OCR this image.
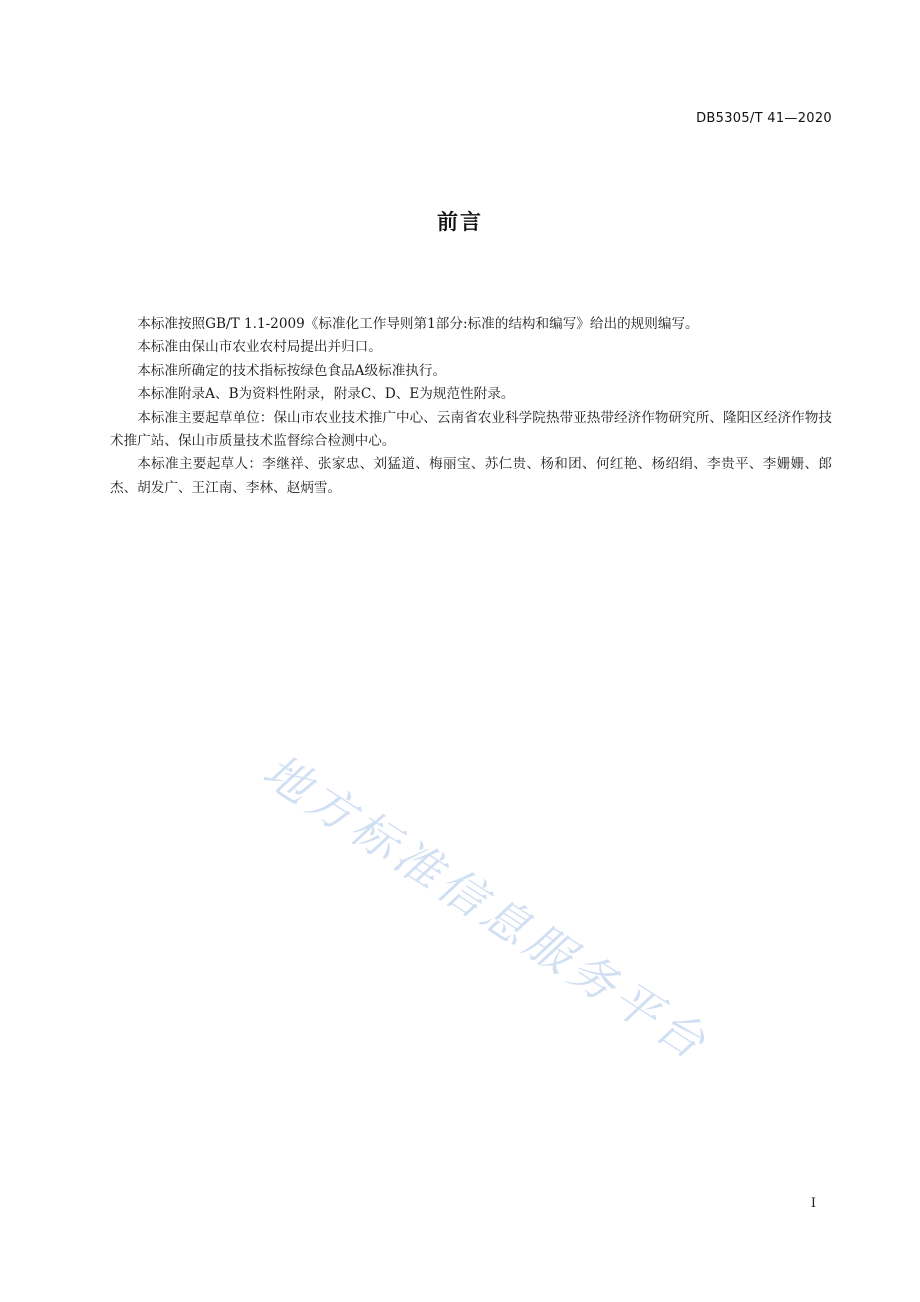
DB5305/T 41—2020
前言

本标准按照GB/T 1.1-2009《标准化工作导则第1部分:标准的结构和编写》给出的规则编写。

本标准由保山市农业农村局提出并归口。

本标准所确定的技术指标按绿色食品A级标准执行。

本标准附录A、B为资料性附录，附录C、D、E为规范性附录。

本标准主要起草单位：保山市农业技术推广中心、云南省农业科学院热带亚热带经济作物研究所、隆阳区经济作物技术推广站、保山市质量技术监督综合检测中心。

本标准主要起草人：李继祥、张家忠、刘猛道、梅丽宝、苏仁贵、杨和团、何红艳、杨绍绢、李贵平、李姗姗、郎杰、胡发广、王江南、李林、赵炳雪。

地方标准信息服务平台
I
